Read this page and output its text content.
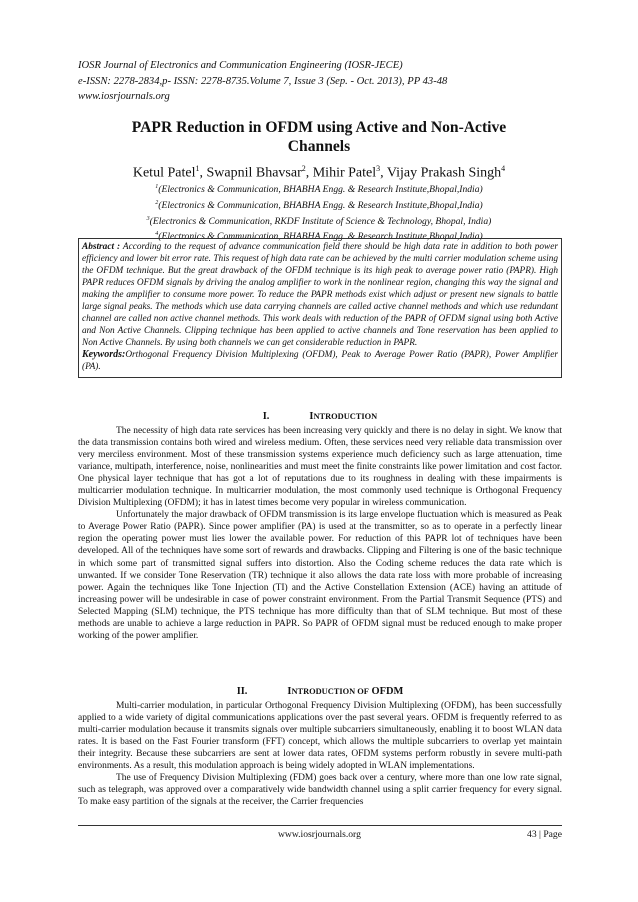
IOSR Journal of Electronics and Communication Engineering (IOSR-JECE)
e-ISSN: 2278-2834,p- ISSN: 2278-8735.Volume 7, Issue 3 (Sep. - Oct. 2013), PP 43-48
www.iosrjournals.org
PAPR Reduction in OFDM using Active and Non-Active
Channels
Ketul Patel$^1$, Swapnil Bhavsar$^2$, Mihir Patel$^3$, Vijay Prakash Singh$^4$
$^1$(Electronics & Communication, BHABHA Engg. & Research Institute,Bhopal,India)
$^2$(Electronics & Communication, BHABHA Engg. & Research Institute,Bhopal,India)
$^3$(Electronics & Communication, RKDF Institute of Science & Technology, Bhopal, India)
$^4$(Electronics & Communication, BHABHA Engg. & Research Institute,Bhopal,India)
Abstract : According to the request of advance communication field there should be high data rate in addition to both power efficiency and lower bit error rate. This request of high data rate can be achieved by the multi carrier modulation scheme using the OFDM technique. But the great drawback of the OFDM technique is its high peak to average power ratio (PAPR). High PAPR reduces OFDM signals by driving the analog amplifier to work in the nonlinear region, changing this way the signal and making the amplifier to consume more power. To reduce the PAPR methods exist which adjust or present new signals to battle large signal peaks. The methods which use data carrying channels are called active channel methods and which use redundant channel are called non active channel methods. This work deals with reduction of the PAPR of OFDM signal using both Active and Non Active Channels. Clipping technique has been applied to active channels and Tone reservation has been applied to Non Active Channels. By using both channels we can get considerable reduction in PAPR.
Keywords:Orthogonal Frequency Division Multiplexing (OFDM), Peak to Average Power Ratio (PAPR), Power Amplifier (PA).
I.	INTRODUCTION

The necessity of high data rate services has been increasing very quickly and there is no delay in sight. We know that the data transmission contains both wired and wireless medium. Often, these services need very reliable data transmission over very merciless environment. Most of these transmission systems experience much deficiency such as large attenuation, time variance, multipath, interference, noise, nonlinearities and must meet the finite constraints like power limitation and cost factor. One physical layer technique that has got a lot of reputations due to its roughness in dealing with these impairments is multicarrier modulation technique. In multicarrier modulation, the most commonly used technique is Orthogonal Frequency Division Multiplexing (OFDM); it has in latest times become very popular in wireless communication.

Unfortunately the major drawback of OFDM transmission is its large envelope fluctuation which is measured as Peak to Average Power Ratio (PAPR). Since power amplifier (PA) is used at the transmitter, so as to operate in a perfectly linear region the operating power must lies lower the available power. For reduction of this PAPR lot of techniques have been developed. All of the techniques have some sort of rewards and drawbacks. Clipping and Filtering is one of the basic technique in which some part of transmitted signal suffers into distortion. Also the Coding scheme reduces the data rate which is unwanted. If we consider Tone Reservation (TR) technique it also allows the data rate loss with more probable of increasing power. Again the techniques like Tone Injection (TI) and the Active Constellation Extension (ACE) having an attitude of increasing power will be undesirable in case of power constraint environment. From the Partial Transmit Sequence (PTS) and Selected Mapping (SLM) technique, the PTS technique has more difficulty than that of SLM technique. But most of these methods are unable to achieve a large reduction in PAPR. So PAPR of OFDM signal must be reduced enough to make proper working of the power amplifier.

II.	INTRODUCTION OF OFDM

Multi-carrier modulation, in particular Orthogonal Frequency Division Multiplexing (OFDM), has been successfully applied to a wide variety of digital communications applications over the past several years. OFDM is frequently referred to as multi-carrier modulation because it transmits signals over multiple subcarriers simultaneously, enabling it to boost WLAN data rates. It is based on the Fast Fourier transform (FFT) concept, which allows the multiple subcarriers to overlap yet maintain their integrity. Because these subcarriers are sent at lower data rates, OFDM systems perform robustly in severe multi-path environments. As a result, this modulation approach is being widely adopted in WLAN implementations.

The use of Frequency Division Multiplexing (FDM) goes back over a century, where more than one low rate signal, such as telegraph, was approved over a comparatively wide bandwidth channel using a split carrier frequency for every signal. To make easy partition of the signals at the receiver, the Carrier frequencies

www.iosrjournals.org	43 | Page
